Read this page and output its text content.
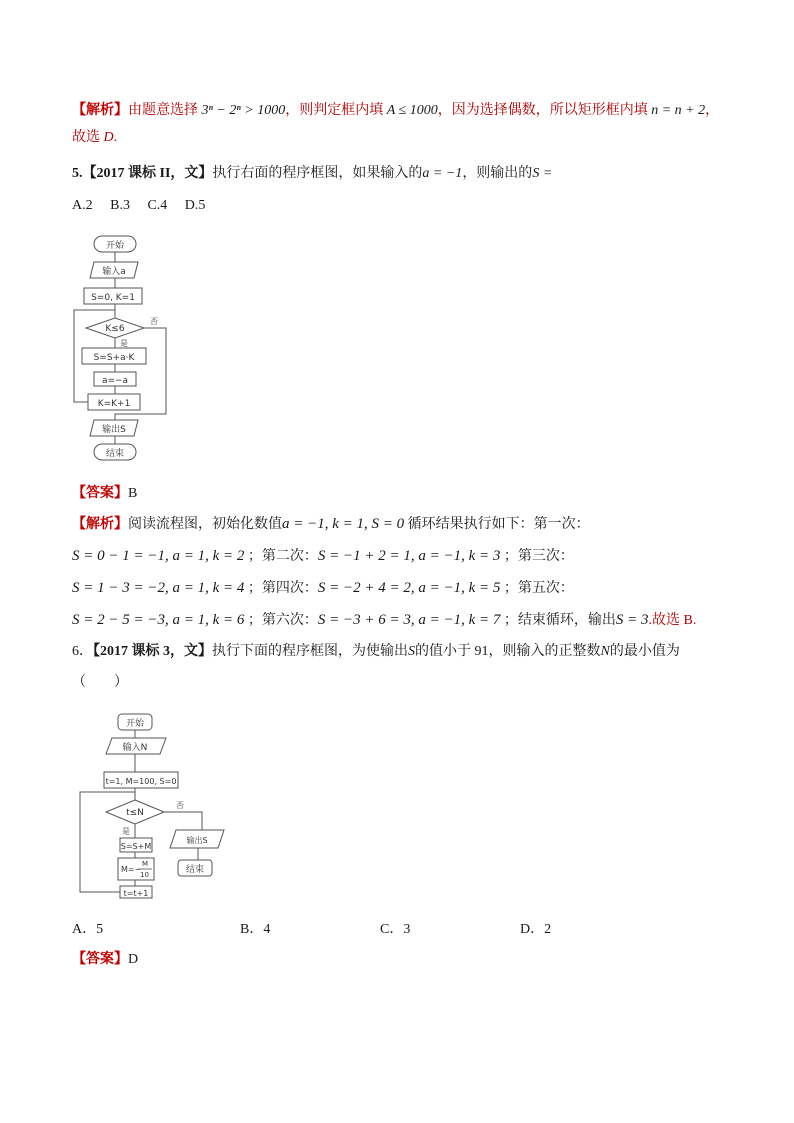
【解析】由题意选择 3ⁿ − 2ⁿ > 1000，则判定框内填 A ≤ 1000，因为选择偶数，所以矩形框内填 n = n + 2，
故选 D.
5.【2017 课标 II，文】执行右面的程序框图，如果输入的a = −1，则输出的S =
A.2　 B.3　 C.4　 D.5
开始
输入a
S=0, K=1
K≤6
否
是
S=S+a·K
a=−a
K=K+1
输出S
结束
【答案】B
【解析】阅读流程图，初始化数值a = −1, k = 1, S = 0 循环结果执行如下：第一次：
S = 0 − 1 = −1, a = 1, k = 2 ；第二次：S = −1 + 2 = 1, a = −1, k = 3 ；第三次：
S = 1 − 3 = −2, a = 1, k = 4 ；第四次：S = −2 + 4 = 2, a = −1, k = 5 ；第五次：
S = 2 − 5 = −3, a = 1, k = 6 ；第六次：S = −3 + 6 = 3, a = −1, k = 7 ；结束循环，输出S = 3.故选 B.
6．【2017 课标 3，文】执行下面的程序框图，为使输出S的值小于 91，则输入的正整数N的最小值为
（　　）
开始
输入N
t=1, M=100, S=0
t≤N
否
是
S=S+M
M=−
M
10
t=t+1
输出S
结束
A．5	B．4	C．3	D．2
【答案】D
